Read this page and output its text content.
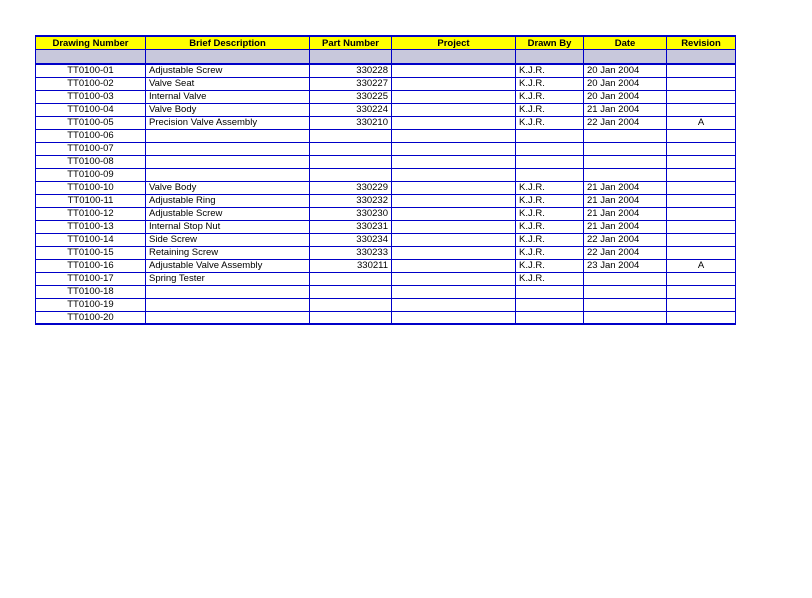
Drawing Number	Brief Description	Part Number	Project	Drawn By	Date	Revision

TT0100-01	Adjustable Screw	330228		K.J.R.	20 Jan 2004	
TT0100-02	Valve Seat	330227		K.J.R.	20 Jan 2004	
TT0100-03	Internal Valve	330225		K.J.R.	20 Jan 2004	
TT0100-04	Valve Body	330224		K.J.R.	21 Jan 2004	
TT0100-05	Precision Valve Assembly	330210		K.J.R.	22 Jan 2004	A
TT0100-06						
TT0100-07						
TT0100-08						
TT0100-09						
TT0100-10	Valve Body	330229		K.J.R.	21 Jan 2004	
TT0100-11	Adjustable Ring	330232		K.J.R.	21 Jan 2004	
TT0100-12	Adjustable Screw	330230		K.J.R.	21 Jan 2004	
TT0100-13	Internal Stop Nut	330231		K.J.R.	21 Jan 2004	
TT0100-14	Side Screw	330234		K.J.R.	22 Jan 2004	
TT0100-15	Retaining Screw	330233		K.J.R.	22 Jan 2004	
TT0100-16	Adjustable Valve Assembly	330211		K.J.R.	23 Jan 2004	A
TT0100-17	Spring Tester			K.J.R.		
TT0100-18						
TT0100-19						
TT0100-20						
